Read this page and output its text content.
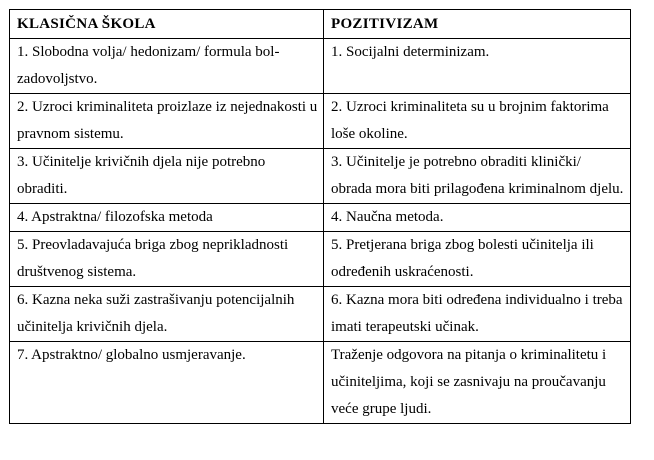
KLASIČNA ŠKOLA	POZITIVIZAM
1. Slobodna volja/ hedonizam/ formula bol-zadovoljstvo.	1. Socijalni determinizam.
2. Uzroci kriminaliteta proizlaze iz nejednakosti u pravnom sistemu.	2. Uzroci kriminaliteta su u brojnim faktorima loše okoline.
3. Učinitelje krivičnih djela nije potrebno obraditi.	3. Učinitelje je potrebno obraditi klinički/ obrada mora biti prilagođena kriminalnom djelu.
4. Apstraktna/ filozofska metoda	4. Naučna metoda.
5. Preovladavajuća briga zbog neprikladnosti društvenog sistema.	5. Pretjerana briga zbog bolesti učinitelja ili određenih uskraćenosti.
6. Kazna neka suži zastrašivanju potencijalnih učinitelja krivičnih djela.	6. Kazna mora biti određena individualno i treba imati terapeutski učinak.
7. Apstraktno/ globalno usmjeravanje.	Traženje odgovora na pitanja o kriminalitetu i učiniteljima, koji se zasnivaju na proučavanju veće grupe ljudi.
